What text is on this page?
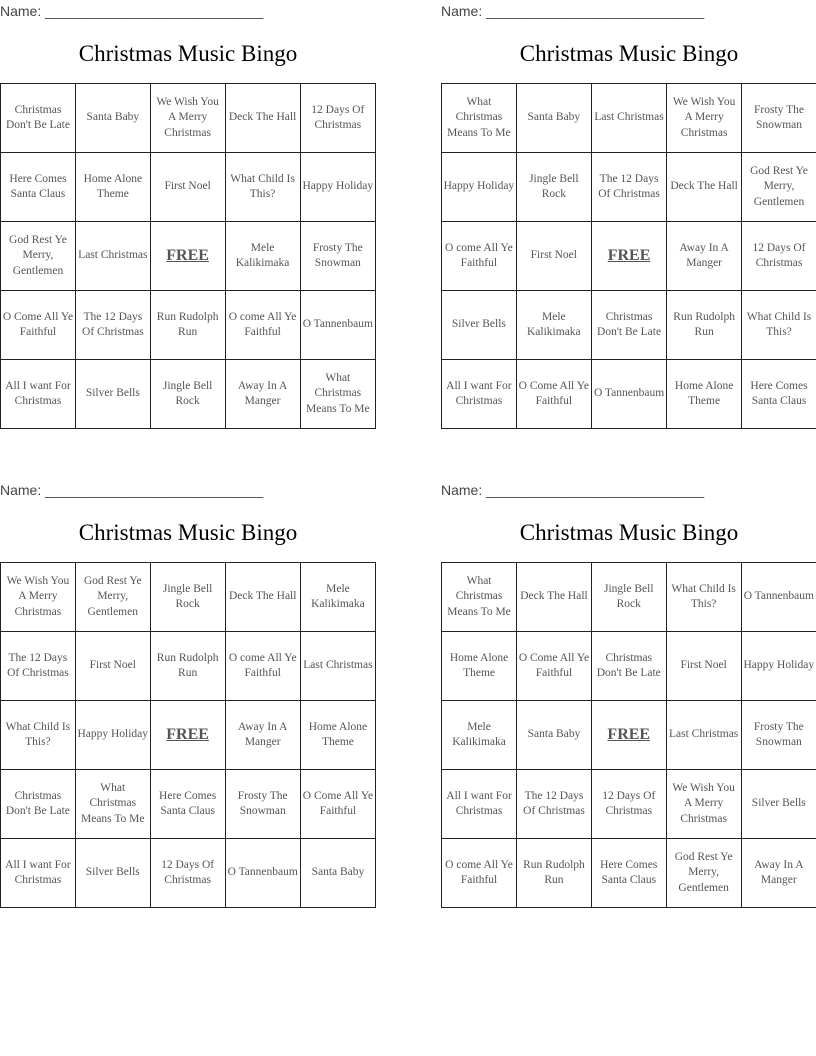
Name: ____________________________
Christmas Music Bingo
Christmas Don't Be Late	Santa Baby	We Wish You A Merry Christmas	Deck The Hall	12 Days Of Christmas
Here Comes Santa Claus	Home Alone Theme	First Noel	What Child Is This?	Happy Holiday
God Rest Ye Merry, Gentlemen	Last Christmas	FREE	Mele Kalikimaka	Frosty The Snowman
O Come All Ye Faithful	The 12 Days Of Christmas	Run Rudolph Run	O come All Ye Faithful	O Tannenbaum
All I want For Christmas	Silver Bells	Jingle Bell Rock	Away In A Manger	What Christmas Means To Me
Name: ____________________________
Christmas Music Bingo
What Christmas Means To Me	Santa Baby	Last Christmas	We Wish You A Merry Christmas	Frosty The Snowman
Happy Holiday	Jingle Bell Rock	The 12 Days Of Christmas	Deck The Hall	God Rest Ye Merry, Gentlemen
O come All Ye Faithful	First Noel	FREE	Away In A Manger	12 Days Of Christmas
Silver Bells	Mele Kalikimaka	Christmas Don't Be Late	Run Rudolph Run	What Child Is This?
All I want For Christmas	O Come All Ye Faithful	O Tannenbaum	Home Alone Theme	Here Comes Santa Claus
Name: ____________________________
Christmas Music Bingo
We Wish You A Merry Christmas	God Rest Ye Merry, Gentlemen	Jingle Bell Rock	Deck The Hall	Mele Kalikimaka
The 12 Days Of Christmas	First Noel	Run Rudolph Run	O come All Ye Faithful	Last Christmas
What Child Is This?	Happy Holiday	FREE	Away In A Manger	Home Alone Theme
Christmas Don't Be Late	What Christmas Means To Me	Here Comes Santa Claus	Frosty The Snowman	O Come All Ye Faithful
All I want For Christmas	Silver Bells	12 Days Of Christmas	O Tannenbaum	Santa Baby
Name: ____________________________
Christmas Music Bingo
What Christmas Means To Me	Deck The Hall	Jingle Bell Rock	What Child Is This?	O Tannenbaum
Home Alone Theme	O Come All Ye Faithful	Christmas Don't Be Late	First Noel	Happy Holiday
Mele Kalikimaka	Santa Baby	FREE	Last Christmas	Frosty The Snowman
All I want For Christmas	The 12 Days Of Christmas	12 Days Of Christmas	We Wish You A Merry Christmas	Silver Bells
O come All Ye Faithful	Run Rudolph Run	Here Comes Santa Claus	God Rest Ye Merry, Gentlemen	Away In A Manger
